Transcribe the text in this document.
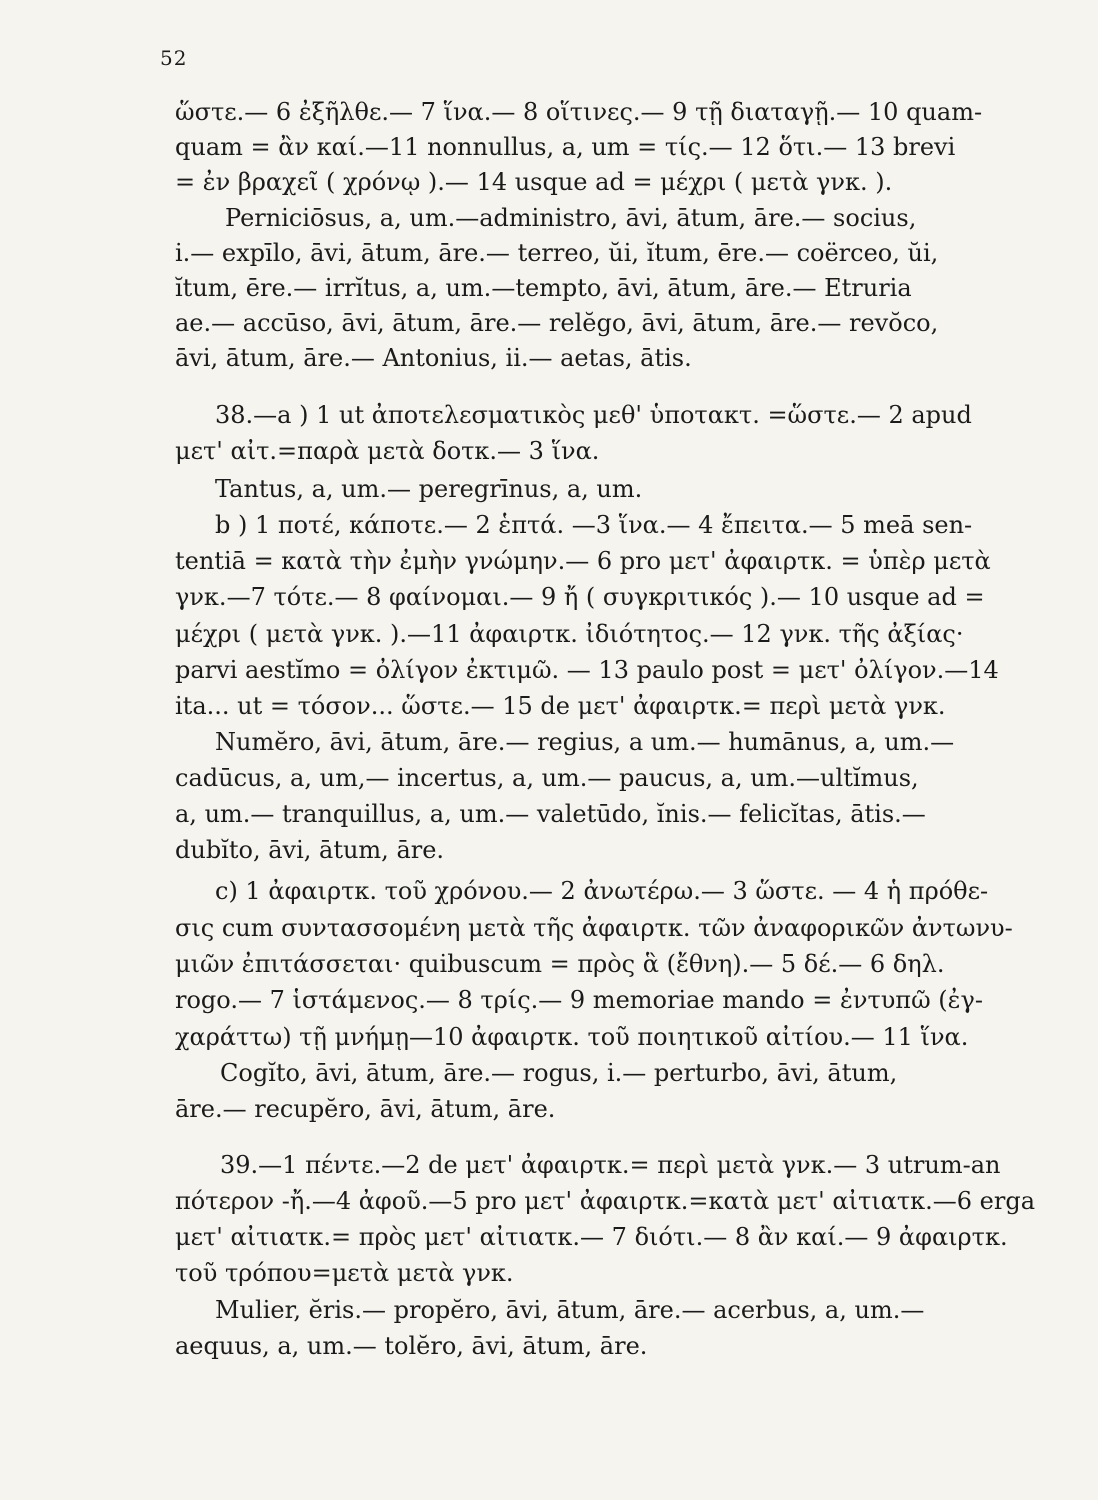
52
ὥστε.— 6 ἐξῆλθε.— 7 ἵνα.— 8 οἵτινες.— 9 τῇ διαταγῇ.— 10 quam-
quam = ἂν καί.—11 nonnullus, a, um = τίς.— 12 ὅτι.— 13 brevi
= ἐν βραχεῖ ( χρόνῳ ).— 14 usque ad = μέχρι ( μετὰ γνκ. ).
Perniciōsus, a, um.—administro, āvi, ātum, āre.— socius,
i.— expīlo, āvi, ātum, āre.— terreo, ŭi, ĭtum, ēre.— coërceo, ŭi,
ĭtum, ēre.— irrĭtus, a, um.—tempto, āvi, ātum, āre.— Etruria
ae.— accūso, āvi, ātum, āre.— relĕgo, āvi, ātum, āre.— revŏco,
āvi, ātum, āre.— Antonius, ii.— aetas, ātis.
38.—a ) 1 ut ἀποτελεσματικὸς μεθ' ὑποτακτ. =ὥστε.— 2 apud
μετ' αἰτ.=παρὰ μετὰ δοτκ.— 3 ἵνα.
Tantus, a, um.— peregrīnus, a, um.
b ) 1 ποτέ, κάποτε.— 2 ἑπτά. —3 ἵνα.— 4 ἔπειτα.— 5 meā sen-
tentiā = κατὰ τὴν ἐμὴν γνώμην.— 6 pro μετ' ἀφαιρτκ. = ὑπὲρ μετὰ
γνκ.—7 τότε.— 8 φαίνομαι.— 9 ἤ ( συγκριτικός ).— 10 usque ad =
μέχρι ( μετὰ γνκ. ).—11 ἀφαιρτκ. ἰδιότητος.— 12 γνκ. τῆς ἀξίας·
parvi aestĭmo = ὀλίγον ἐκτιμῶ. — 13 paulo post = μετ' ὀλίγον.—14
ita... ut = τόσον... ὥστε.— 15 de μετ' ἀφαιρτκ.= περὶ μετὰ γνκ.
Numĕro, āvi, ātum, āre.— regius, a um.— humānus, a, um.—
cadūcus, a, um,— incertus, a, um.— paucus, a, um.—ultĭmus,
a, um.— tranquillus, a, um.— valetūdo, ĭnis.— felicĭtas, ātis.—
dubĭto, āvi, ātum, āre.
c) 1 ἀφαιρτκ. τοῦ χρόνου.— 2 ἀνωτέρω.— 3 ὥστε. — 4 ἡ πρόθε-
σις cum συντασσομένη μετὰ τῆς ἀφαιρτκ. τῶν ἀναφορικῶν ἀντωνυ-
μιῶν ἐπιτάσσεται· quibuscum = πρὸς ἃ (ἔθνη).— 5 δέ.— 6 δηλ.
rogo.— 7 ἱστάμενος.— 8 τρίς.— 9 memoriae mando = ἐντυπῶ (ἐγ-
χαράττω) τῇ μνήμῃ—10 ἀφαιρτκ. τοῦ ποιητικοῦ αἰτίου.— 11 ἵνα.
Cogĭto, āvi, ātum, āre.— rogus, i.— perturbo, āvi, ātum,
āre.— recupĕro, āvi, ātum, āre.
39.—1 πέντε.—2 de μετ' ἀφαιρτκ.= περὶ μετὰ γνκ.— 3 utrum-an
πότερον -ἤ.—4 ἀφοῦ.—5 pro μετ' ἀφαιρτκ.=κατὰ μετ' αἰτιατκ.—6 erga
μετ' αἰτιατκ.= πρὸς μετ' αἰτιατκ.— 7 διότι.— 8 ἂν καί.— 9 ἀφαιρτκ.
τοῦ τρόπου=μετὰ μετὰ γνκ.
Mulier, ĕris.— propĕro, āvi, ātum, āre.— acerbus, a, um.—
aequus, a, um.— tolĕro, āvi, ātum, āre.
